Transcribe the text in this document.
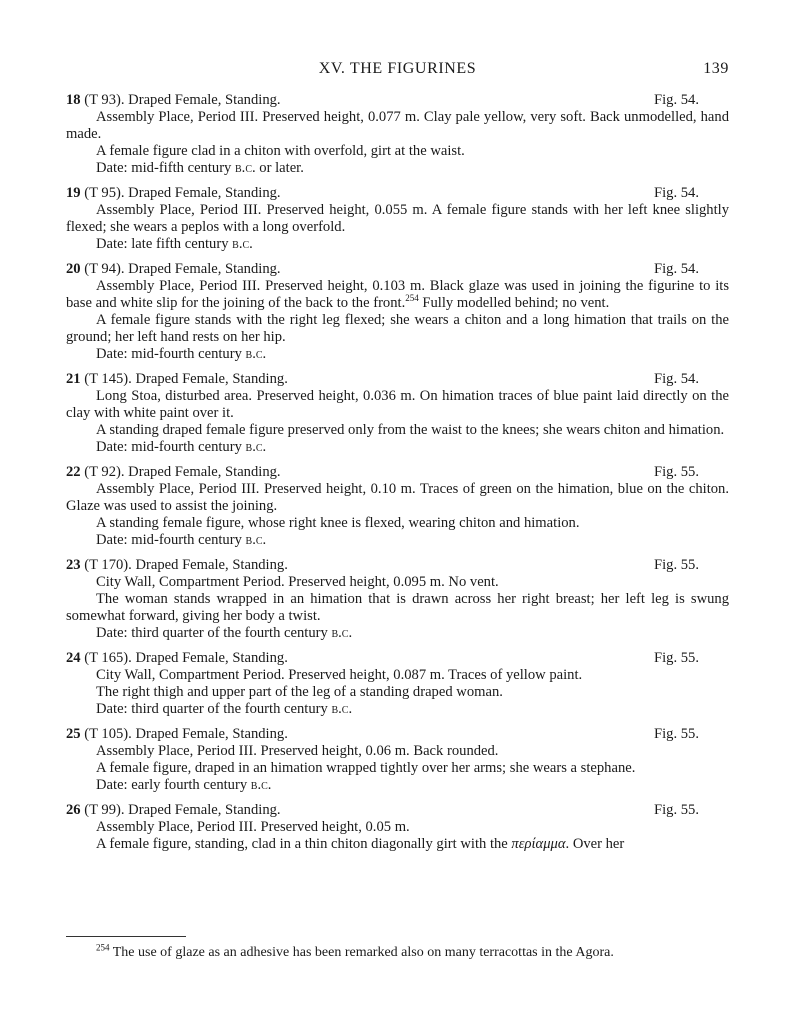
XV. THE FIGURINES	139
18 (T 93). Draped Female, Standing.	Fig. 54.

Assembly Place, Period III. Preserved height, 0.077 m. Clay pale yellow, very soft. Back unmodelled, hand made.

A female figure clad in a chiton with overfold, girt at the waist.

Date: mid-fifth century b.c. or later.

19 (T 95). Draped Female, Standing.	Fig. 54.

Assembly Place, Period III. Preserved height, 0.055 m. A female figure stands with her left knee slightly flexed; she wears a peplos with a long overfold.

Date: late fifth century b.c.

20 (T 94). Draped Female, Standing.	Fig. 54.

Assembly Place, Period III. Preserved height, 0.103 m. Black glaze was used in joining the figurine to its base and white slip for the joining of the back to the front.$^{254}$ Fully modelled behind; no vent.

A female figure stands with the right leg flexed; she wears a chiton and a long himation that trails on the ground; her left hand rests on her hip.

Date: mid-fourth century b.c.

21 (T 145). Draped Female, Standing.	Fig. 54.

Long Stoa, disturbed area. Preserved height, 0.036 m. On himation traces of blue paint laid directly on the clay with white paint over it.

A standing draped female figure preserved only from the waist to the knees; she wears chiton and himation.

Date: mid-fourth century b.c.

22 (T 92). Draped Female, Standing.	Fig. 55.

Assembly Place, Period III. Preserved height, 0.10 m. Traces of green on the himation, blue on the chiton. Glaze was used to assist the joining.

A standing female figure, whose right knee is flexed, wearing chiton and himation.

Date: mid-fourth century b.c.

23 (T 170). Draped Female, Standing.	Fig. 55.

City Wall, Compartment Period. Preserved height, 0.095 m. No vent.

The woman stands wrapped in an himation that is drawn across her right breast; her left leg is swung somewhat forward, giving her body a twist.

Date: third quarter of the fourth century b.c.

24 (T 165). Draped Female, Standing.	Fig. 55.

City Wall, Compartment Period. Preserved height, 0.087 m. Traces of yellow paint.

The right thigh and upper part of the leg of a standing draped woman.

Date: third quarter of the fourth century b.c.

25 (T 105). Draped Female, Standing.	Fig. 55.

Assembly Place, Period III. Preserved height, 0.06 m. Back rounded.

A female figure, draped in an himation wrapped tightly over her arms; she wears a stephane.

Date: early fourth century b.c.

26 (T 99). Draped Female, Standing.	Fig. 55.

Assembly Place, Period III. Preserved height, 0.05 m.

A female figure, standing, clad in a thin chiton diagonally girt with the περίαμμα. Over her

$^{254}$ The use of glaze as an adhesive has been remarked also on many terracottas in the Agora.
